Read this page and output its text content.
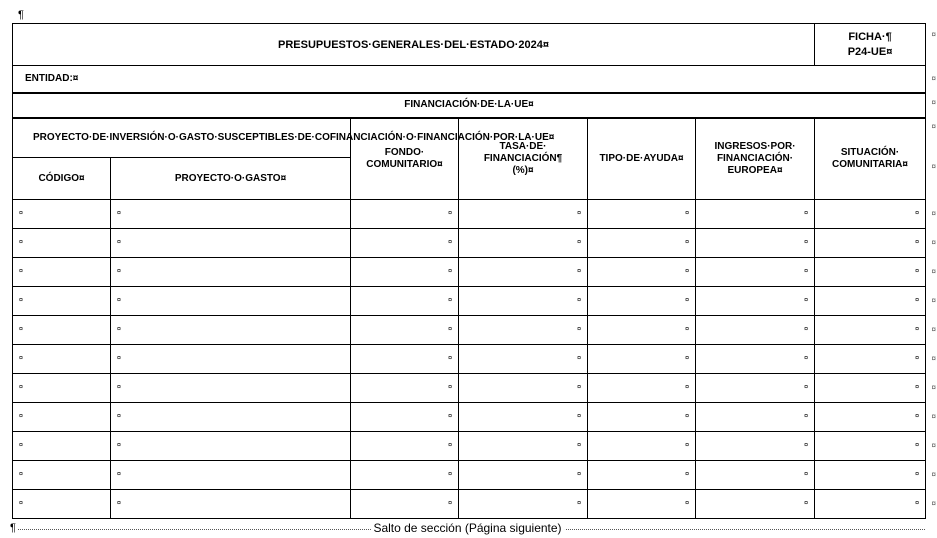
¶
PRESUPUESTOS·GENERALES·DEL·ESTADO·2024¤						FICHA·¶
P24-UE¤
ENTIDAD:¤						
FINANCIACIÓN·DE·LA·UE¤						
PROYECTO·DE·INVERSIÓN·O·GASTO·SUSCEPTIBLES·DE·COFINANCIACIÓN·O·FINANCIACIÓN·POR·LA·UE¤		FONDO·
COMUNITARIO¤	TASA·DE·
FINANCIACIÓN¶
(%)¤	TIPO·DE·AYUDA¤	INGRESOS·POR·
FINANCIACIÓN·
EUROPEA¤	SITUACIÓN·
COMUNITARIA¤
CÓDIGO¤	PROYECTO·O·GASTO¤					
¤	¤	¤	¤	¤	¤	¤
¤	¤	¤	¤	¤	¤	¤
¤	¤	¤	¤	¤	¤	¤
¤	¤	¤	¤	¤	¤	¤
¤	¤	¤	¤	¤	¤	¤
¤	¤	¤	¤	¤	¤	¤
¤	¤	¤	¤	¤	¤	¤
¤	¤	¤	¤	¤	¤	¤
¤	¤	¤	¤	¤	¤	¤
¤	¤	¤	¤	¤	¤	¤
¤	¤	¤	¤	¤	¤	¤
¤
¤
¤
¤
¤
¤
¤
¤
¤
¤
¤
¤
¤
¤
¤
¤
¶	Salto de sección (Página siguiente)
